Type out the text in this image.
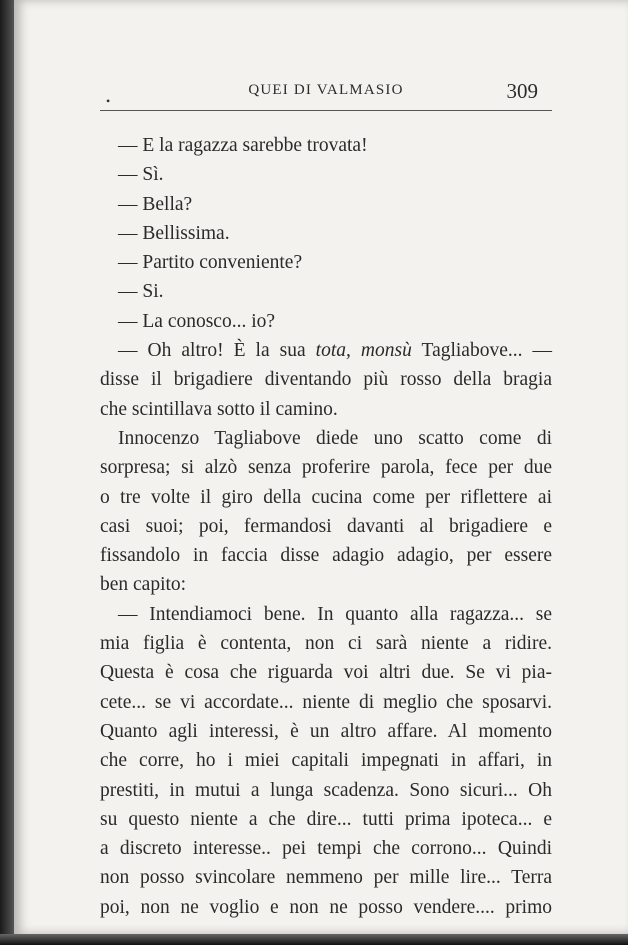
•
QUEI DI VALMASIO	309
— E la ragazza sarebbe trovata!
— Sì.
— Bella?
— Bellissima.
— Partito conveniente?
— Si.
— La conosco... io?
— Oh altro! È la sua tota, monsù Tagliabove... —
disse il brigadiere diventando più rosso della bragia
che scintillava sotto il camino.
Innocenzo Tagliabove diede uno scatto come di
sorpresa; si alzò senza proferire parola, fece per due
o tre volte il giro della cucina come per riflettere ai
casi suoi; poi, fermandosi davanti al brigadiere e
fissandolo in faccia disse adagio adagio, per essere
ben capito:
— Intendiamoci bene. In quanto alla ragazza... se
mia figlia è contenta, non ci sarà niente a ridire.
Questa è cosa che riguarda voi altri due. Se vi pia-
cete... se vi accordate... niente di meglio che sposarvi.
Quanto agli interessi, è un altro affare. Al momento
che corre, ho i miei capitali impegnati in affari, in
prestiti, in mutui a lunga scadenza. Sono sicuri... Oh
su questo niente a che dire... tutti prima ipoteca... e
a discreto interesse.. pei tempi che corrono... Quindi
non posso svincolare nemmeno per mille lire... Terra
poi, non ne voglio e non ne posso vendere.... primo
